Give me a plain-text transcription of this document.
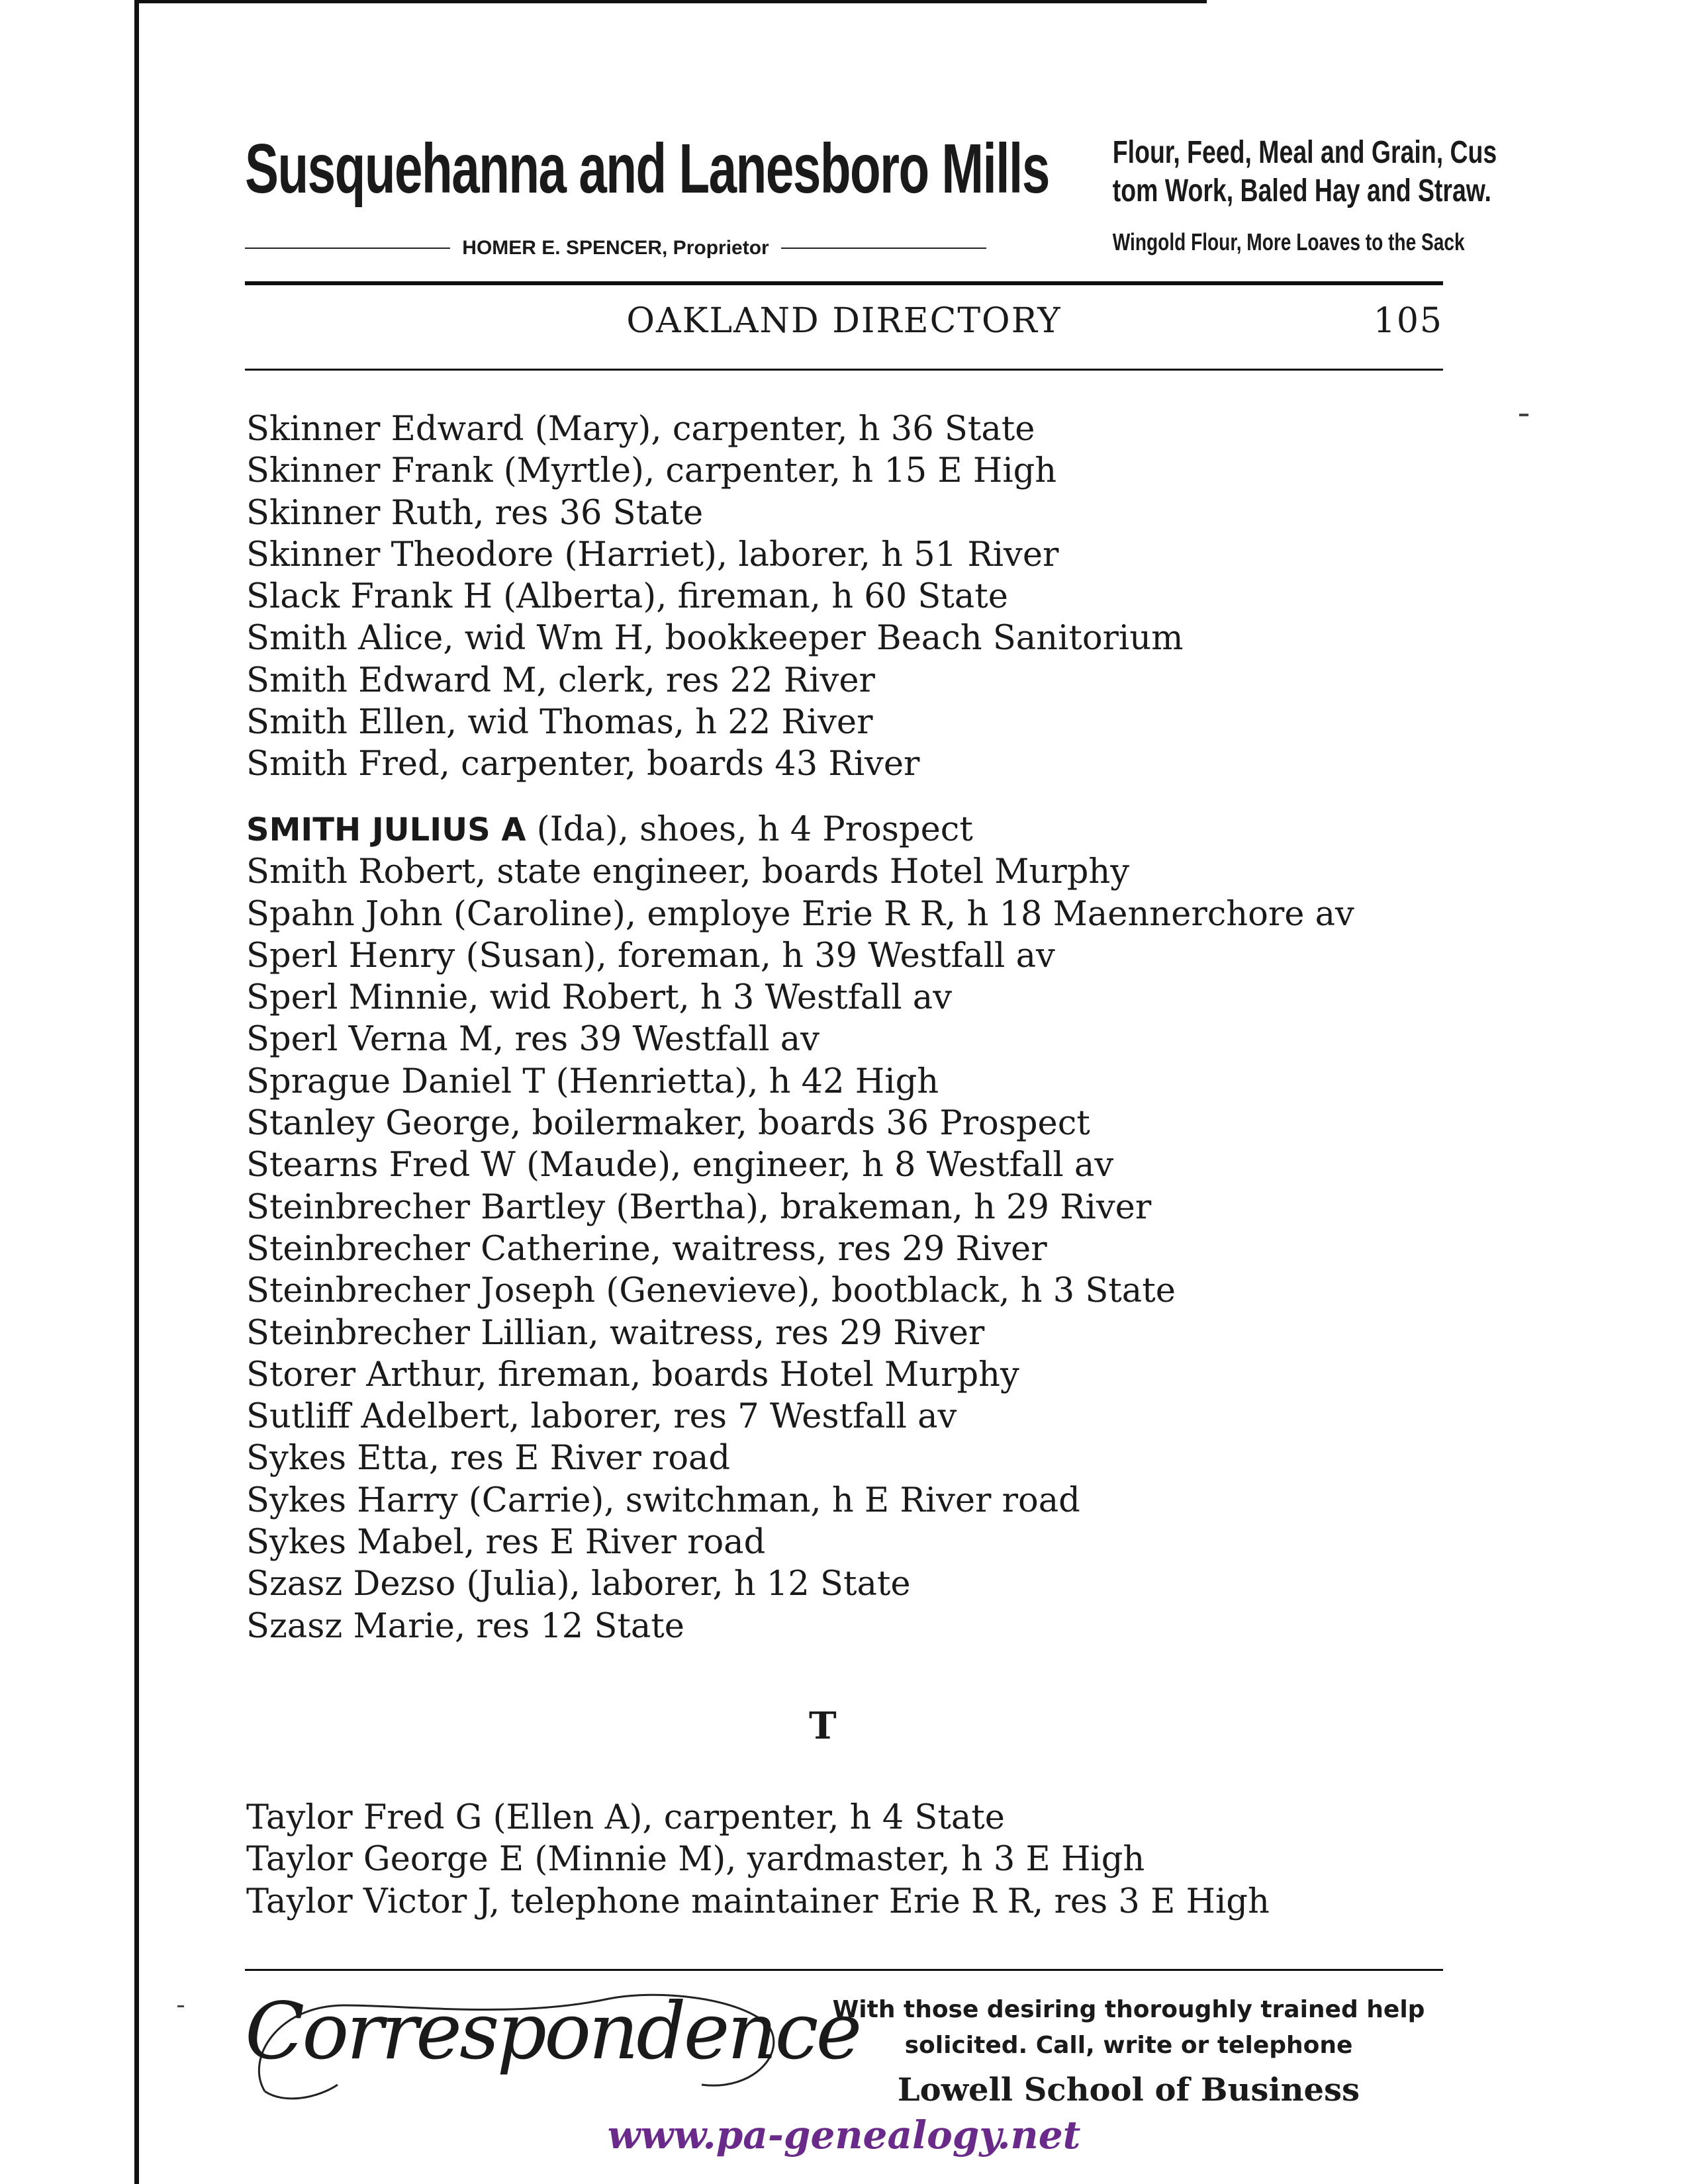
Susquehanna and Lanesboro Mills Flour, Feed, Meal and Grain, Cus
tom Work, Baled Hay and Straw.
HOMER E. SPENCER, Proprietor	Wingold Flour, More Loaves to the Sack
OAKLAND DIRECTORY	105
Skinner Edward (Mary), carpenter, h 36 State
Skinner Frank (Myrtle), carpenter, h 15 E High
Skinner Ruth, res 36 State
Skinner Theodore (Harriet), laborer, h 51 River
Slack Frank H (Alberta), fireman, h 60 State
Smith Alice, wid Wm H, bookkeeper Beach Sanitorium
Smith Edward M, clerk, res 22 River
Smith Ellen, wid Thomas, h 22 River
Smith Fred, carpenter, boards 43 River
SMITH JULIUS A (Ida), shoes, h 4 Prospect
Smith Robert, state engineer, boards Hotel Murphy
Spahn John (Caroline), employe Erie R R, h 18 Maennerchore av
Sperl Henry (Susan), foreman, h 39 Westfall av
Sperl Minnie, wid Robert, h 3 Westfall av
Sperl Verna M, res 39 Westfall av
Sprague Daniel T (Henrietta), h 42 High
Stanley George, boilermaker, boards 36 Prospect
Stearns Fred W (Maude), engineer, h 8 Westfall av
Steinbrecher Bartley (Bertha), brakeman, h 29 River
Steinbrecher Catherine, waitress, res 29 River
Steinbrecher Joseph (Genevieve), bootblack, h 3 State
Steinbrecher Lillian, waitress, res 29 River
Storer Arthur, fireman, boards Hotel Murphy
Sutliff Adelbert, laborer, res 7 Westfall av
Sykes Etta, res E River road
Sykes Harry (Carrie), switchman, h E River road
Sykes Mabel, res E River road
Szasz Dezso (Julia), laborer, h 12 State
Szasz Marie, res 12 State
T
Taylor Fred G (Ellen A), carpenter, h 4 State
Taylor George E (Minnie M), yardmaster, h 3 E High
Taylor Victor J, telephone maintainer Erie R R, res 3 E High
Correspondence
With those desiring thoroughly trained help
solicited. Call, write or telephone
Lowell School of Business
www.pa-genealogy.net
